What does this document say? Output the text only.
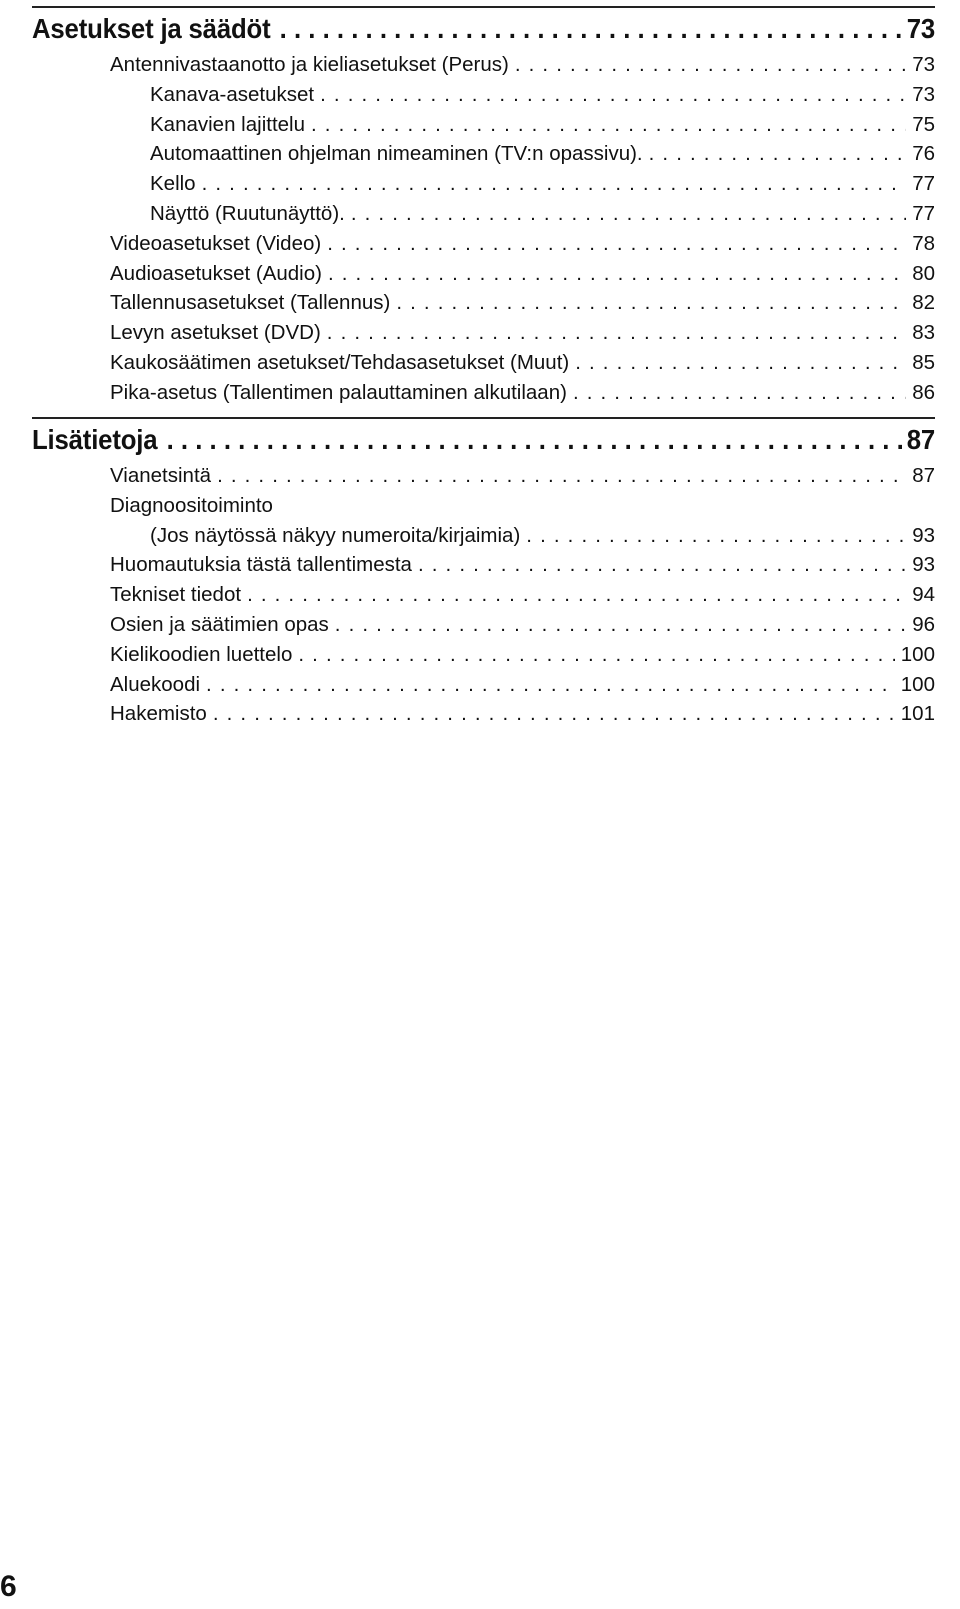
Asetukset ja säädöt . . .	73
Antennivastaanotto ja kieliasetukset (Perus) . . .	73
Kanava-asetukset . . .	73
Kanavien lajittelu . . .	75
Automaattinen ohjelman nimeaminen (TV:n opassivu). . . .	76
Kello . . .	77
Näyttö (Ruutunäyttö). . . .	77
Videoasetukset (Video) . . .	78
Audioasetukset (Audio) . . .	80
Tallennusasetukset (Tallennus) . . .	82
Levyn asetukset (DVD) . . .	83
Kaukosäätimen asetukset/Tehdasasetukset (Muut) . . .	85
Pika-asetus (Tallentimen palauttaminen alkutilaan) . . .	86
Lisätietoja . . .	87
Vianetsintä . . .	87
Diagnoositoiminto
(Jos näytössä näkyy numeroita/kirjaimia) . . .	93
Huomautuksia tästä tallentimesta . . .	93
Tekniset tiedot . . .	94
Osien ja säätimien opas . . .	96
Kielikoodien luettelo . . .	100
Aluekoodi . . .	100
Hakemisto . . .	101
6
